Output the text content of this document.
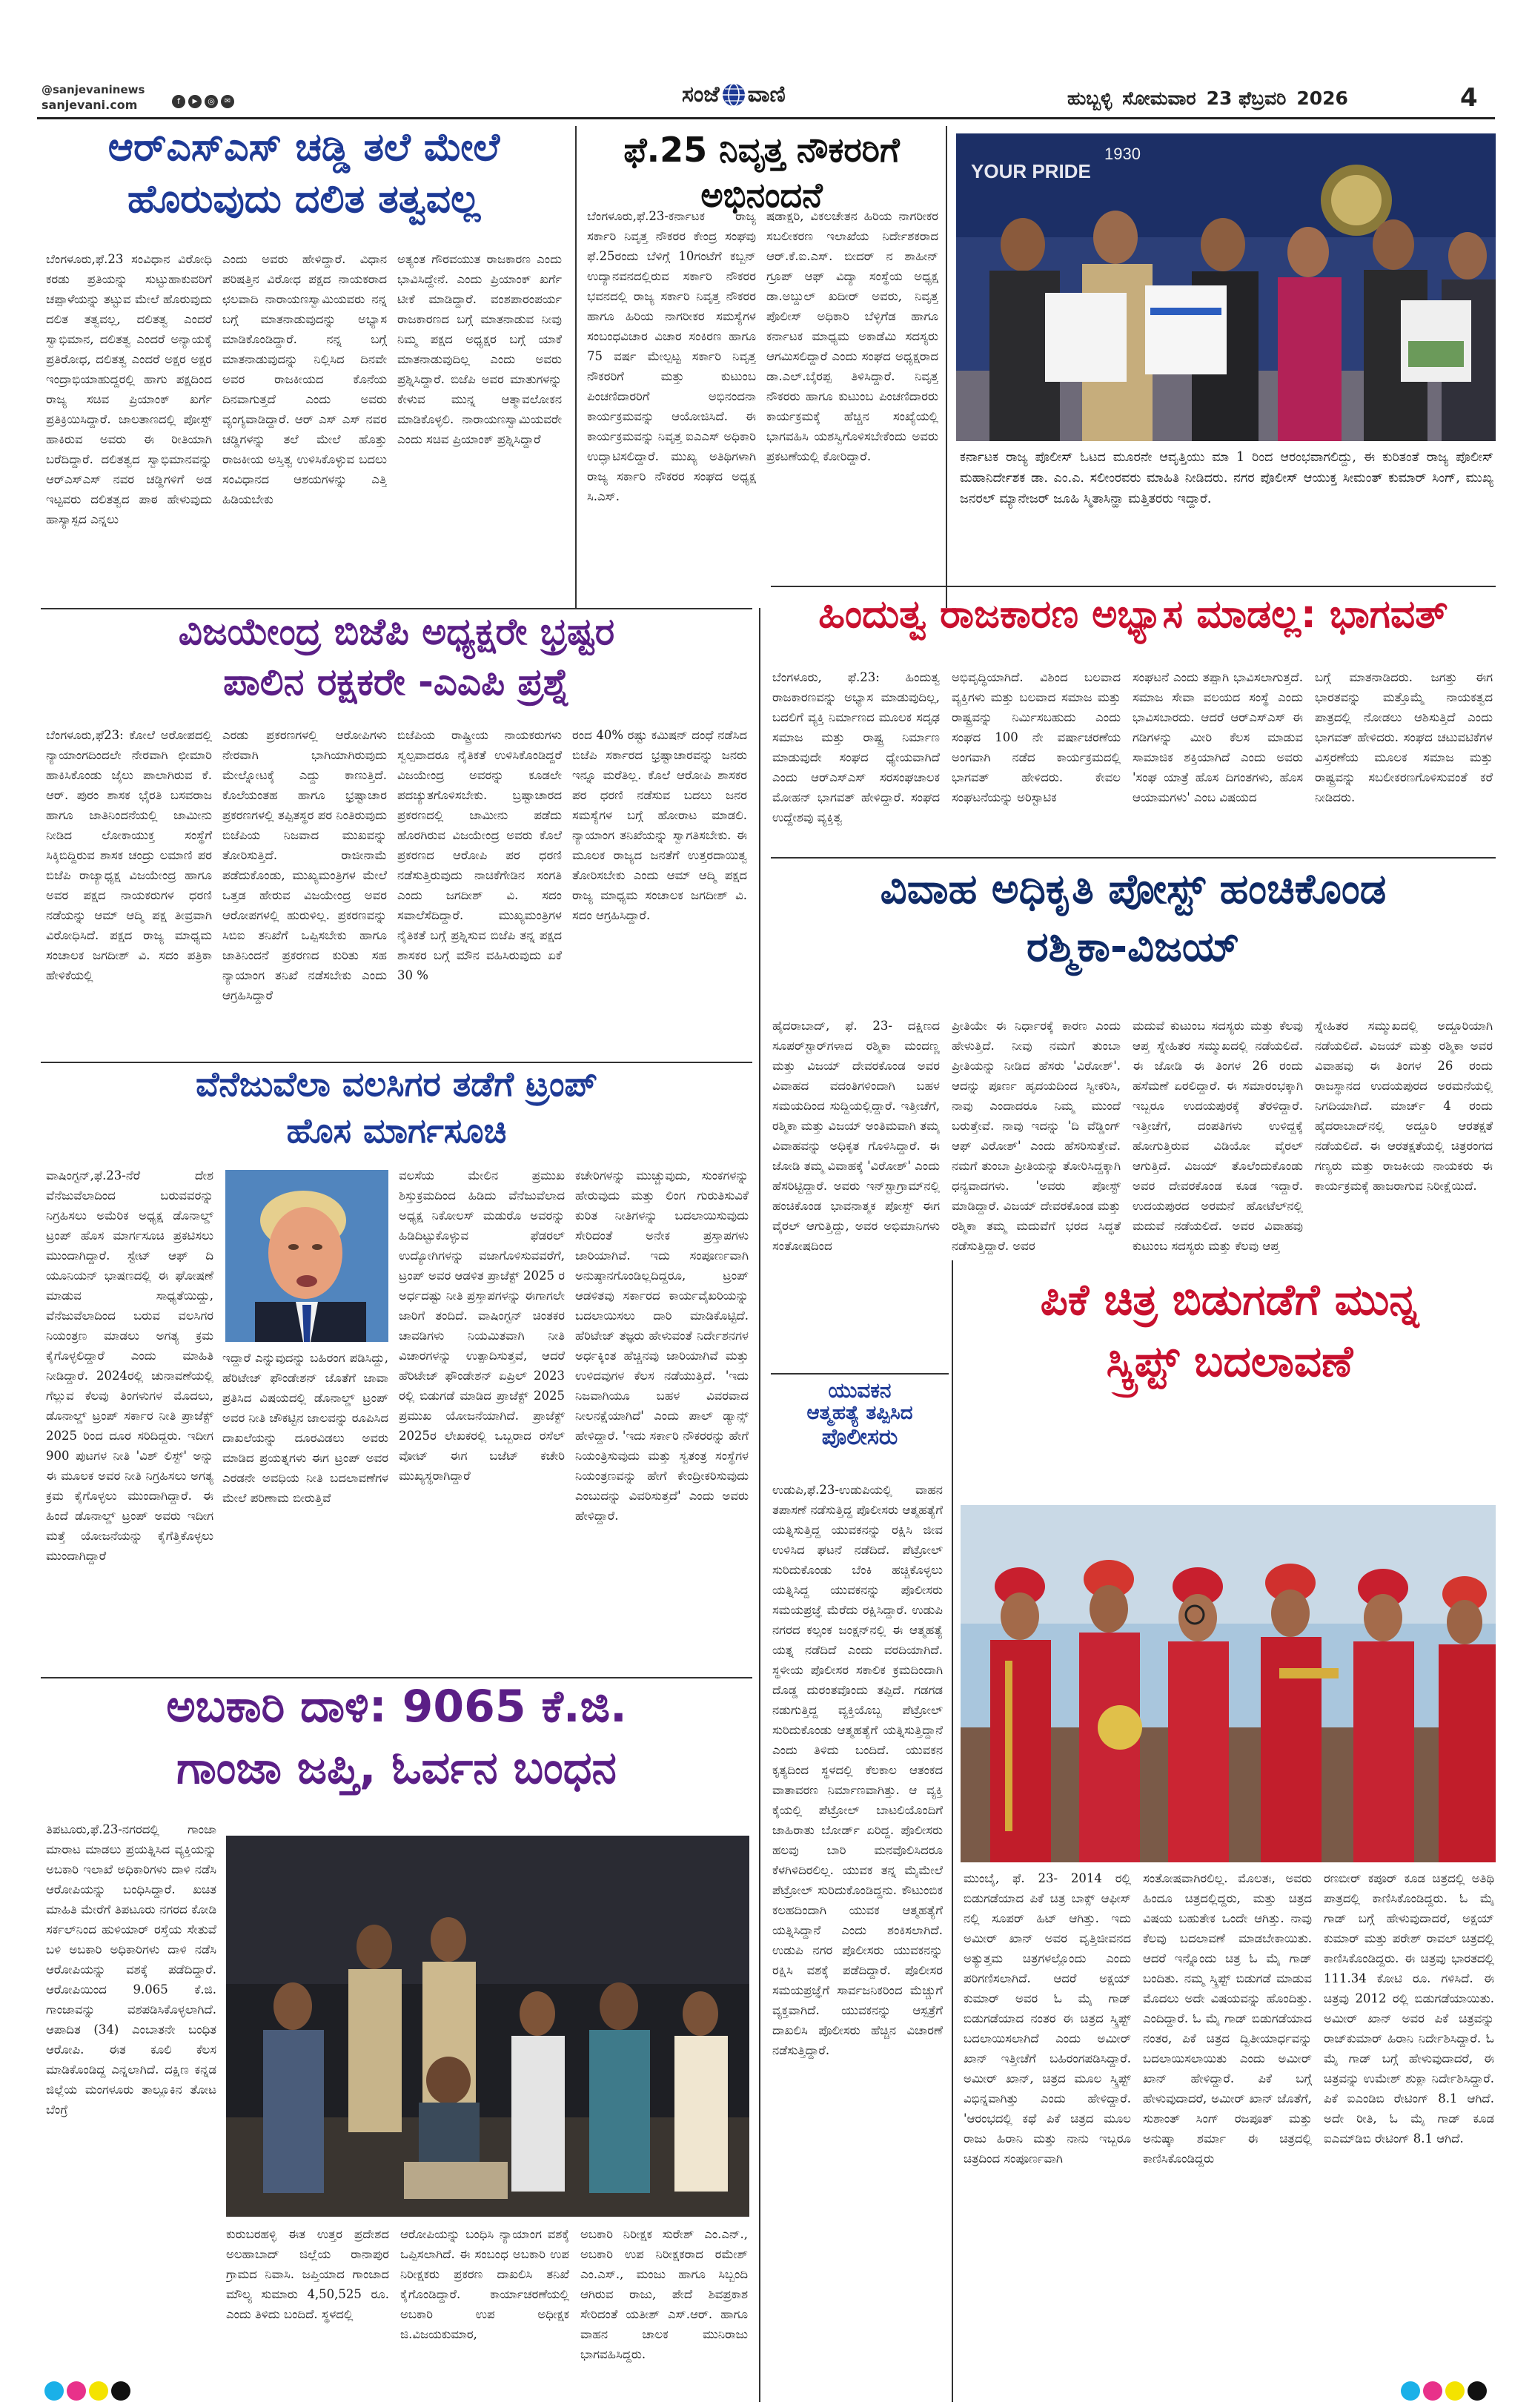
@sanjevaninews
sanjevani.com	f	▶	◎	✉	ಸಂಜೆ ವಾಣಿ	ಹುಬ್ಬಳ್ಳಿ ಸೋಮವಾರ 23 ಫೆಬ್ರವರಿ 2026	4
ಆರ್‌ಎಸ್‌ಎಸ್ ಚಡ್ಡಿ ತಲೆ ಮೇಲೆ
ಹೊರುವುದು ದಲಿತ ತತ್ವವಲ್ಲ

ಬೆಂಗಳೂರು,ಫೆ.23 ಸಂವಿಧಾನ ವಿರೋಧಿ ಕರಡು ಪ್ರತಿಯನ್ನು ಸುಟ್ಟುಹಾಕುವರಿಗೆ ಚಪ್ಪಾಳೆಯನ್ನು ತಟ್ಟುವ ಮೇಲೆ ಹೊರುವುದು ದಲಿತ ತತ್ವವಲ್ಲ, ದಲಿತತ್ವ ಎಂದರೆ ಸ್ವಾಭಿಮಾನ, ದಲಿತತ್ವ ಎಂದರೆ ಅನ್ಯಾಯಕ್ಕೆ ಪ್ರತಿರೋಧ, ದಲಿತತ್ವ ಎಂದರೆ ಅಕ್ಷರ ಅಕ್ಷರ ಇಂದ್ರಾಭಿಯಾಹುದ್ದರಲ್ಲಿ ಹಾಗು ಪಕ್ಷದಿಂದ ರಾಜ್ಯ ಸಚಿವ ಪ್ರಿಯಾಂಕ್ ಖರ್ಗೆ ಪ್ರತಿಕ್ರಿಯಿಸಿದ್ದಾರೆ. ಜಾಲತಾಣದಲ್ಲಿ ಪೋಸ್ಟ್ ಹಾಕಿರುವ ಅವರು ಈ ರೀತಿಯಾಗಿ ಬರೆದಿದ್ದಾರೆ. ದಲಿತತ್ವದ ಸ್ವಾಭಿಮಾನವನ್ನು ಆರ್‌ಎಸ್‌ಎಸ್ ನವರ ಚಡ್ಡಿಗಳಿಗೆ ಅಡ ಇಟ್ಟವರು ದಲಿತತ್ವದ ಪಾಠ ಹೇಳುವುದು ಹಾಸ್ಯಾಸ್ಪದ ಎನ್ನಲು

ಎಂದು ಅವರು ಹೇಳಿದ್ದಾರೆ. ವಿಧಾನ ಪರಿಷತ್ತಿನ ವಿರೋಧ ಪಕ್ಷದ ನಾಯಕರಾದ ಛಲವಾದಿ ನಾರಾಯಣಸ್ವಾಮಿಯವರು ನನ್ನ ಬಗ್ಗೆ ಮಾತನಾಡುವುದನ್ನು ಅಭ್ಯಾಸ ಮಾಡಿಕೊಂಡಿದ್ದಾರೆ. ನನ್ನ ಬಗ್ಗೆ ಮಾತನಾಡುವುದನ್ನು ನಿಲ್ಲಿಸಿದ ದಿನವೇ ಅವರ ರಾಜಕೀಯದ ಕೊನೆಯ ದಿನವಾಗುತ್ತದೆ ಎಂದು ಅವರು ವ್ಯಂಗ್ಯವಾಡಿದ್ದಾರೆ. ಆರ್ ಎಸ್ ಎಸ್ ನವರ ಚಡ್ಡಿಗಳನ್ನು ತಲೆ ಮೇಲೆ ಹೊತ್ತು ರಾಜಕೀಯ ಅಸ್ತಿತ್ವ ಉಳಿಸಿಕೊಳ್ಳುವ ಬದಲು ಸಂವಿಧಾನದ ಆಶಯಗಳನ್ನು ಎತ್ತಿ ಹಿಡಿಯಬೇಕು

ಅತ್ಯಂತ ಗೌರವಯುತ ರಾಜಕಾರಣ ಎಂದು ಭಾವಿಸಿದ್ದೇನೆ. ಎಂದು ಪ್ರಿಯಾಂಕ್ ಖರ್ಗೆ ಟೀಕೆ ಮಾಡಿದ್ದಾರೆ. ವಂಶಪಾರಂಪರ್ಯ ರಾಜಕಾರಣದ ಬಗ್ಗೆ ಮಾತನಾಡುವ ನೀವು ನಿಮ್ಮ ಪಕ್ಷದ ಅಧ್ಯಕ್ಷರ ಬಗ್ಗೆ ಯಾಕೆ ಮಾತನಾಡುವುದಿಲ್ಲ ಎಂದು ಅವರು ಪ್ರಶ್ನಿಸಿದ್ದಾರೆ. ಬಿಜೆಪಿ ಅವರ ಮಾತುಗಳನ್ನು ಕೇಳುವ ಮುನ್ನ ಆತ್ಮಾವಲೋಕನ ಮಾಡಿಕೊಳ್ಳಲಿ. ನಾರಾಯಣಸ್ವಾಮಿಯವರೇ ಎಂದು ಸಚಿವ ಪ್ರಿಯಾಂಕ್ ಪ್ರಶ್ನಿಸಿದ್ದಾರೆ

ಫೆ.25 ನಿವೃತ್ತ ನೌಕರರಿಗೆ
ಅಭಿನಂದನೆ

ಬೆಂಗಳೂರು,ಫೆ.23-ಕರ್ನಾಟಕ ರಾಜ್ಯ ಸರ್ಕಾರಿ ನಿವೃತ್ತ ನೌಕರರ ಕೇಂದ್ರ ಸಂಘವು ಫೆ.25ರಂದು ಬೆಳಿಗ್ಗೆ 10ಗಂಟೆಗೆ ಕಬ್ಬನ್ ಉದ್ಯಾನವನದಲ್ಲಿರುವ ಸರ್ಕಾರಿ ನೌಕರರ ಭವನದಲ್ಲಿ ರಾಜ್ಯ ಸರ್ಕಾರಿ ನಿವೃತ್ತ ನೌಕರರ ಹಾಗೂ ಹಿರಿಯ ನಾಗರೀಕರ ಸಮಸ್ಯೆಗಳ ಸಂಬಂಧವಿಚಾರ ವಿಚಾರ ಸಂಕಿರಣ ಹಾಗೂ 75 ವರ್ಷ ಮೇಲ್ಪಟ್ಟ ಸರ್ಕಾರಿ ನಿವೃತ್ತ ನೌಕರರಿಗೆ ಮತ್ತು ಕುಟುಂಬ ಪಿಂಚಣಿದಾರರಿಗೆ ಅಭಿನಂದನಾ ಕಾರ್ಯಕ್ರಮವನ್ನು ಆಯೋಜಿಸಿದೆ. ಈ ಕಾರ್ಯಕ್ರಮವನ್ನು ನಿವೃತ್ತ ಐಎಎಸ್ ಅಧಿಕಾರಿ ಉದ್ಘಾಟಿಸಲಿದ್ದಾರೆ. ಮುಖ್ಯ ಅತಿಥಿಗಳಾಗಿ ರಾಜ್ಯ ಸರ್ಕಾರಿ ನೌಕರರ ಸಂಘದ ಅಧ್ಯಕ್ಷ ಸಿ.ಎಸ್.

ಷಡಾಕ್ಷರಿ, ವಿಕಲಚೇತನ ಹಿರಿಯ ನಾಗರೀಕರ ಸಬಲೀಕರಣ ಇಲಾಖೆಯ ನಿರ್ದೇಶಕರಾದ ಆರ್.ಕೆ.ಐ.ಎಸ್. ಬೀದರ್ ನ ಶಾಹೀನ್ ಗ್ರೂಪ್ ಆಫ್ ವಿದ್ಯಾ ಸಂಸ್ಥೆಯ ಅಧ್ಯಕ್ಷ ಡಾ.ಅಬ್ದುಲ್ ಖದೀರ್ ಅವರು, ನಿವೃತ್ತ ಪೊಲೀಸ್ ಅಧಿಕಾರಿ ಬೆಳ್ಳಿಗೆಡ ಹಾಗೂ ಕರ್ನಾಟಕ ಮಾಧ್ಯಮ ಅಕಾಡೆಮಿ ಸದಸ್ಯರು ಆಗಮಿಸಲಿದ್ದಾರೆ ಎಂದು ಸಂಘದ ಅಧ್ಯಕ್ಷರಾದ ಡಾ.ಎಲ್.ಬೈರಪ್ಪ ತಿಳಿಸಿದ್ದಾರೆ. ನಿವೃತ್ತ ನೌಕರರು ಹಾಗೂ ಕುಟುಂಬ ಪಿಂಚಣಿದಾರರು ಕಾರ್ಯಕ್ರಮಕ್ಕೆ ಹೆಚ್ಚಿನ ಸಂಖ್ಯೆಯಲ್ಲಿ ಭಾಗವಹಿಸಿ ಯಶಸ್ವಿಗೊಳಿಸಬೇಕೆಂದು ಅವರು ಪ್ರಕಟಣೆಯಲ್ಲಿ ಕೋರಿದ್ದಾರೆ.

YOUR PRIDE
1930

ಕರ್ನಾಟಕ ರಾಜ್ಯ ಪೊಲೀಸ್ ಓಟದ ಮೂರನೇ ಆವೃತ್ತಿಯು ಮಾ 1 ರಿಂದ ಆರಂಭವಾಗಲಿದ್ದು, ಈ ಕುರಿತಂತೆ ರಾಜ್ಯ ಪೊಲೀಸ್ ಮಹಾನಿರ್ದೇಶಕ ಡಾ. ಎಂ.ಎ. ಸಲೀಂರವರು ಮಾಹಿತಿ ನೀಡಿದರು. ನಗರ ಪೊಲೀಸ್ ಆಯುಕ್ತ ಸೀಮಂತ್ ಕುಮಾರ್ ಸಿಂಗ್, ಮುಖ್ಯ ಜನರಲ್ ಮ್ಯಾನೇಜರ್ ಜೂಹಿ ಸ್ಮಿತಾಸಿನ್ಹಾ ಮತ್ತಿತರರು ಇದ್ದಾರೆ.

ವಿಜಯೇಂದ್ರ ಬಿಜೆಪಿ ಅಧ್ಯಕ್ಷರೇ ಭ್ರಷ್ಟರ
ಪಾಲಿನ ರಕ್ಷಕರೇ -ಎಎಪಿ ಪ್ರಶ್ನೆ

ಬೆಂಗಳೂರು,ಫೆ23: ಕೋಲೆ ಅರೋಪದಲ್ಲಿ ನ್ಯಾಯಾಂಗದಿಂದಲೇ ನೇರವಾಗಿ ಛೀಮಾರಿ ಹಾಕಿಸಿಕೊಂಡು ಜೈಲು ಪಾಲಾಗಿರುವ ಕೆ. ಆರ್. ಪುರಂ ಶಾಸಕ ಭೈರತಿ ಬಸವರಾಜ ಹಾಗೂ ಜಾತಿನಿಂದನೆಯಲ್ಲಿ ಜಾಮೀನು ನೀಡಿದ ಲೋಕಾಯುಕ್ತ ಸಂಸ್ಥೆಗೆ ಸಿಕ್ಕಿಬಿದ್ದಿರುವ ಶಾಸಕ ಚಂದ್ರು ಲಮಾಣಿ ಪರ ಬಿಜೆಪಿ ರಾಜ್ಯಾಧ್ಯಕ್ಷ ವಿಜಯೇಂದ್ರ ಹಾಗೂ ಅವರ ಪಕ್ಷದ ನಾಯಕರುಗಳ ಧರಣಿ ನಡೆಯನ್ನು ಆಮ್ ಆದ್ಮಿ ಪಕ್ಷ ತೀವ್ರವಾಗಿ ವಿರೋಧಿಸಿದೆ. ಪಕ್ಷದ ರಾಜ್ಯ ಮಾಧ್ಯಮ ಸಂಚಾಲಕ ಜಗದೀಶ್ ವಿ. ಸದಂ ಪತ್ರಿಕಾ ಹೇಳಿಕೆಯಲ್ಲಿ

ಎರಡು ಪ್ರಕರಣಗಳಲ್ಲಿ ಆರೋಪಿಗಳು ನೇರವಾಗಿ ಭಾಗಿಯಾಗಿರುವುದು ಮೇಲ್ನೋಟಕ್ಕೆ ಎದ್ದು ಕಾಣುತ್ತಿದೆ. ಕೊಲೆಯಂತಹ ಹಾಗೂ ಭ್ರಷ್ಟಾಚಾರ ಪ್ರಕರಣಗಳಲ್ಲಿ ತಪ್ಪಿತಸ್ಥರ ಪರ ನಿಂತಿರುವುದು ಬಿಜೆಪಿಯ ನಿಜವಾದ ಮುಖವನ್ನು ತೋರಿಸುತ್ತಿದೆ. ರಾಜೀನಾಮೆ ಪಡೆದುಕೊಂಡು, ಮುಖ್ಯಮಂತ್ರಿಗಳ ಮೇಲೆ ಒತ್ತಡ ಹೇರುವ ವಿಜಯೇಂದ್ರ ಅವರ ಆರೋಪಗಳಲ್ಲಿ ಹುರುಳಿಲ್ಲ. ಪ್ರಕರಣವನ್ನು ಸಿಬಿಐ ತನಿಖೆಗೆ ಒಪ್ಪಿಸಬೇಕು ಹಾಗೂ ಜಾತಿನಿಂದನೆ ಪ್ರಕರಣದ ಕುರಿತು ಸಹ ನ್ಯಾಯಾಂಗ ತನಿಖೆ ನಡೆಸಬೇಕು ಎಂದು ಆಗ್ರಹಿಸಿದ್ದಾರೆ

ಬಿಜೆಪಿಯ ರಾಷ್ಟ್ರೀಯ ನಾಯಕರುಗಳು ಸ್ವಲ್ಪವಾದರೂ ನೈತಿಕತೆ ಉಳಿಸಿಕೊಂಡಿದ್ದರೆ ವಿಜಯೇಂದ್ರ ಅವರನ್ನು ಕೂಡಲೇ ಪದಚ್ಯುತಗೊಳಿಸಬೇಕು. ಬ್ರಷ್ಟಾಚಾರದ ಪ್ರಕರಣದಲ್ಲಿ ಜಾಮೀನು ಪಡೆದು ಹೊರಗಿರುವ ವಿಜಯೇಂದ್ರ ಅವರು ಕೊಲೆ ಪ್ರಕರಣದ ಆರೋಪಿ ಪರ ಧರಣಿ ನಡೆಸುತ್ತಿರುವುದು ನಾಚಿಕೆಗೇಡಿನ ಸಂಗತಿ ಎಂದು ಜಗದೀಶ್ ವಿ. ಸದಂ ಸವಾಲೆಸೆದಿದ್ದಾರೆ. ಮುಖ್ಯಮಂತ್ರಿಗಳ ನೈತಿಕತೆ ಬಗ್ಗೆ ಪ್ರಶ್ನಿಸುವ ಬಿಜೆಪಿ ತನ್ನ ಪಕ್ಷದ ಶಾಸಕರ ಬಗ್ಗೆ ಮೌನ ವಹಿಸಿರುವುದು ಏಕೆ 30 %

ರಂದ 40% ರಷ್ಟು ಕಮಿಷನ್ ದಂಧೆ ನಡೆಸಿದ ಬಿಜೆಪಿ ಸರ್ಕಾರದ ಭ್ರಷ್ಟಾಚಾರವನ್ನು ಜನರು ಇನ್ನೂ ಮರೆತಿಲ್ಲ. ಕೊಲೆ ಆರೋಪಿ ಶಾಸಕರ ಪರ ಧರಣಿ ನಡೆಸುವ ಬದಲು ಜನರ ಸಮಸ್ಯೆಗಳ ಬಗ್ಗೆ ಹೋರಾಟ ಮಾಡಲಿ. ನ್ಯಾಯಾಂಗ ತನಿಖೆಯನ್ನು ಸ್ವಾಗತಿಸಬೇಕು. ಈ ಮೂಲಕ ರಾಜ್ಯದ ಜನತೆಗೆ ಉತ್ತರದಾಯಿತ್ವ ತೋರಿಸಬೇಕು ಎಂದು ಆಮ್ ಆದ್ಮಿ ಪಕ್ಷದ ರಾಜ್ಯ ಮಾಧ್ಯಮ ಸಂಚಾಲಕ ಜಗದೀಶ್ ವಿ. ಸದಂ ಆಗ್ರಹಿಸಿದ್ದಾರೆ.

ಹಿಂದುತ್ವ ರಾಜಕಾರಣ ಅಭ್ಯಾಸ ಮಾಡಲ್ಲ: ಭಾಗವತ್

ಬೆಂಗಳೂರು, ಫೆ.23: ಹಿಂದುತ್ವ ರಾಜಕಾರಣವನ್ನು ಅಭ್ಯಾಸ ಮಾಡುವುದಿಲ್ಲ, ಬದಲಿಗೆ ವ್ಯಕ್ತಿ ನಿರ್ಮಾಣದ ಮೂಲಕ ಸದೃಢ ಸಮಾಜ ಮತ್ತು ರಾಷ್ಟ್ರ ನಿರ್ಮಾಣ ಮಾಡುವುದೇ ಸಂಘದ ಧ್ಯೇಯವಾಗಿದೆ ಎಂದು ಆರ್‌ಎಸ್‌ಎಸ್ ಸರಸಂಘಚಾಲಕ ಮೋಹನ್ ಭಾಗವತ್ ಹೇಳಿದ್ದಾರೆ. ಸಂಘದ ಉದ್ದೇಶವು ವ್ಯಕ್ತಿತ್ವ

ಅಭಿವೃದ್ಧಿಯಾಗಿದೆ. ವಿಶಿಂದ ಬಲವಾದ ವ್ಯಕ್ತಿಗಳು ಮತ್ತು ಬಲವಾದ ಸಮಾಜ ಮತ್ತು ರಾಷ್ಟ್ರವನ್ನು ನಿರ್ಮಿಸಬಹುದು ಎಂದು ಸಂಘದ 100 ನೇ ವರ್ಷಾಚರಣೆಯ ಅಂಗವಾಗಿ ನಡೆದ ಕಾರ್ಯಕ್ರಮದಲ್ಲಿ ಭಾಗವತ್ ಹೇಳಿದರು. ಕೇವಲ ಸಂಘಟನೆಯನ್ನು ಅರಿಸ್ಟಾಟಿಕ

ಸಂಘಟನೆ ಎಂದು ತಪ್ಪಾಗಿ ಭಾವಿಸಲಾಗುತ್ತದೆ. ಸಮಾಜ ಸೇವಾ ವಲಯದ ಸಂಸ್ಥೆ ಎಂದು ಭಾವಿಸಬಾರದು. ಆದರೆ ಆರ್‌ಎಸ್‌ಎಸ್ ಈ ಗಡಿಗಳನ್ನು ಮೀರಿ ಕೆಲಸ ಮಾಡುವ ಸಾಮಾಜಿಕ ಶಕ್ತಿಯಾಗಿದೆ ಎಂದು ಅವರು 'ಸಂಘ ಯಾತ್ರೆ ಹೊಸ ದಿಗಂತಗಳು, ಹೊಸ ಆಯಾಮಗಳು' ಎಂಬ ವಿಷಯದ

ಬಗ್ಗೆ ಮಾತನಾಡಿದರು. ಜಗತ್ತು ಈಗ ಭಾರತವನ್ನು ಮತ್ತೊಮ್ಮೆ ನಾಯಕತ್ವದ ಪಾತ್ರದಲ್ಲಿ ನೋಡಲು ಆಶಿಸುತ್ತಿದೆ ಎಂದು ಭಾಗವತ್ ಹೇಳಿದರು. ಸಂಘದ ಚಟುವಟಿಕೆಗಳ ವಿಸ್ತರಣೆಯ ಮೂಲಕ ಸಮಾಜ ಮತ್ತು ರಾಷ್ಟ್ರವನ್ನು ಸಬಲೀಕರಣಗೊಳಿಸುವಂತೆ ಕರೆ ನೀಡಿದರು.

ವಿವಾಹ ಅಧಿಕೃತಿ ಪೋಸ್ಟ್ ಹಂಚಿಕೊಂಡ
ರಶ್ಮಿಕಾ-ವಿಜಯ್

ಹೈದರಾಬಾದ್, ಫೆ. 23- ದಕ್ಷಿಣದ ಸೂಪರ್‌ಸ್ಟಾರ್‌ಗಳಾದ ರಶ್ಮಿಕಾ ಮಂದಣ್ಣ ಮತ್ತು ವಿಜಯ್ ದೇವರಕೊಂಡ ಅವರ ವಿವಾಹದ ವದಂತಿಗಳಿಂದಾಗಿ ಬಹಳ ಸಮಯದಿಂದ ಸುದ್ದಿಯಲ್ಲಿದ್ದಾರೆ. ಇತ್ತೀಚೆಗೆ, ರಶ್ಮಿಕಾ ಮತ್ತು ವಿಜಯ್ ಅಂತಿಮವಾಗಿ ತಮ್ಮ ವಿವಾಹವನ್ನು ಅಧಿಕೃತ ಗೊಳಿಸಿದ್ದಾರೆ. ಈ ಜೋಡಿ ತಮ್ಮ ವಿವಾಹಕ್ಕೆ 'ವಿರೋಶ್' ಎಂದು ಹೆಸರಿಟ್ಟಿದ್ದಾರೆ. ಅವರು ಇನ್‌ಸ್ಟಾಗ್ರಾಮ್‌ನಲ್ಲಿ ಹಂಚಿಕೊಂಡ ಭಾವನಾತ್ಮಕ ಪೋಸ್ಟ್ ಈಗ ವೈರಲ್ ಆಗುತ್ತಿದ್ದು, ಅವರ ಅಭಿಮಾನಿಗಳು ಸಂತೋಷದಿಂದ

ಪ್ರೀತಿಯೇ ಈ ನಿರ್ಧಾರಕ್ಕೆ ಕಾರಣ ಎಂದು ಹೇಳುತ್ತಿದೆ. ನೀವು ನಮಗೆ ತುಂಬಾ ಪ್ರೀತಿಯನ್ನು ನೀಡಿದ ಹೆಸರು 'ವಿರೋಶ್'. ಆದನ್ನು ಪೂರ್ಣ ಹೃದಯದಿಂದ ಸ್ವೀಕರಿಸಿ, ನಾವು ಎಂದಾದರೂ ನಿಮ್ಮ ಮುಂದೆ ಬರುತ್ತೇವೆ. ನಾವು ಇದನ್ನು 'ದಿ ವೆಡ್ಡಿಂಗ್ ಆಫ್ ವಿರೋಶ್' ಎಂದು ಹೆಸರಿಸುತ್ತೇವೆ. ನಮಗೆ ತುಂಬಾ ಪ್ರೀತಿಯನ್ನು ತೋರಿಸಿದ್ದಕ್ಕಾಗಿ ಧನ್ಯವಾದಗಳು. 'ಅವರು ಪೋಸ್ಟ್ ಮಾಡಿದ್ದಾರೆ. ವಿಜಯ್ ದೇವರಕೊಂಡ ಮತ್ತು ರಶ್ಮಿಕಾ ತಮ್ಮ ಮದುವೆಗೆ ಭರದ ಸಿದ್ಧತೆ ನಡೆಸುತ್ತಿದ್ದಾರೆ. ಅವರ

ಮದುವೆ ಕುಟುಂಬ ಸದಸ್ಯರು ಮತ್ತು ಕೆಲವು ಆಪ್ತ ಸ್ನೇಹಿತರ ಸಮ್ಮುಖದಲ್ಲಿ ನಡೆಯಲಿದೆ. ಈ ಜೋಡಿ ಈ ತಿಂಗಳ 26 ರಂದು ಹಸೆಮಣೆ ಏರಲಿದ್ದಾರೆ. ಈ ಸಮಾರಂಭಕ್ಕಾಗಿ ಇಬ್ಬರೂ ಉದಯಪುರಕ್ಕೆ ತೆರಳಿದ್ದಾರೆ. ಇತ್ತೀಚೆಗೆ, ದಂಪತಿಗಳು ಉಳಿದ್ದಕ್ಕೆ ಹೋಗುತ್ತಿರುವ ವಿಡಿಯೋ ವೈರಲ್ ಆಗುತ್ತಿದೆ. ವಿಜಯ್ ತೊಲೆಂದುಕೊಂಡು ಅವರ ದೇವರಕೊಂಡ ಕೂಡ ಇದ್ದಾರೆ. ಉದಯಪುರದ ಅರಮನೆ ಹೋಟೆಲ್‌ನಲ್ಲಿ ಮದುವೆ ನಡೆಯಲಿದೆ. ಅವರ ವಿವಾಹವು ಕುಟುಂಬ ಸದಸ್ಯರು ಮತ್ತು ಕೆಲವು ಆಪ್ತ

ಸ್ನೇಹಿತರ ಸಮ್ಮುಖದಲ್ಲಿ ಅದ್ದೂರಿಯಾಗಿ ನಡೆಯಲಿದೆ. ವಿಜಯ್ ಮತ್ತು ರಶ್ಮಿಕಾ ಅವರ ವಿವಾಹವು ಈ ತಿಂಗಳ 26 ರಂದು ರಾಜಸ್ಥಾನದ ಉದಯಪುರದ ಅರಮನೆಯಲ್ಲಿ ನಿಗದಿಯಾಗಿದೆ. ಮಾರ್ಚ್ 4 ರಂದು ಹೈದರಾಬಾದ್‌ನಲ್ಲಿ ಅದ್ದೂರಿ ಆರತಕ್ಷತೆ ನಡೆಯಲಿದೆ. ಈ ಆರತಕ್ಷತೆಯಲ್ಲಿ ಚಿತ್ರರಂಗದ ಗಣ್ಯರು ಮತ್ತು ರಾಜಕೀಯ ನಾಯಕರು ಈ ಕಾರ್ಯಕ್ರಮಕ್ಕೆ ಹಾಜರಾಗುವ ನಿರೀಕ್ಷೆಯಿದೆ.

ವೆನೆಜುವೆಲಾ ವಲಸಿಗರ ತಡೆಗೆ ಟ್ರಂಪ್
ಹೊಸ ಮಾರ್ಗಸೂಚಿ

ವಾಷಿಂಗ್ಟನ್,ಫೆ.23-ನೆರೆ ದೇಶ ವೆನೆಜುವೆಲಾದಿಂದ ಬರುವವರನ್ನು ನಿಗ್ರಹಿಸಲು ಅಮೆರಿಕ ಅಧ್ಯಕ್ಷ ಡೊನಾಲ್ಡ್ ಟ್ರಂಪ್ ಹೊಸ ಮಾರ್ಗಸೂಚಿ ಪ್ರಕಟಿಸಲು ಮುಂದಾಗಿದ್ದಾರೆ. ಸ್ಟೇಟ್ ಆಫ್ ದಿ ಯೂನಿಯನ್ ಭಾಷಣದಲ್ಲಿ ಈ ಘೋಷಣೆ ಮಾಡುವ ಸಾಧ್ಯತೆಯಿದ್ದು, ವೆನೆಜುವೆಲಾದಿಂದ ಬರುವ ವಲಸಿಗರ ನಿಯಂತ್ರಣ ಮಾಡಲು ಅಗತ್ಯ ಕ್ರಮ ಕೈಗೊಳ್ಳಲಿದ್ದಾರೆ ಎಂದು ಮಾಹಿತಿ ನೀಡಿದ್ದಾರೆ. 2024ರಲ್ಲಿ ಚುನಾವಣೆಯಲ್ಲಿ ಗೆಲ್ಲುವ ಕೆಲವು ತಿಂಗಳುಗಳ ಮೊದಲು, ಡೊನಾಲ್ಡ್ ಟ್ರಂಪ್ ಸರ್ಕಾರ ನೀತಿ ಪ್ರಾಜೆಕ್ಟ್ 2025 ರಿಂದ ದೂರ ಸರಿದಿದ್ದರು. ಇದೀಗ 900 ಪುಟಗಳ ನೀತಿ 'ವಿಶ್ ಲಿಸ್ಟ್' ಅನ್ನು ಈ ಮೂಲಕ ಅವರ ನೀತಿ ನಿಗ್ರಹಿಸಲು ಅಗತ್ಯ ಕ್ರಮ ಕೈಗೊಳ್ಳಲು ಮುಂದಾಗಿದ್ದಾರೆ. ಈ ಹಿಂದೆ ಡೊನಾಲ್ಡ್ ಟ್ರಂಪ್ ಅವರು ಇದೀಗ ಮತ್ತೆ ಯೋಜನೆಯನ್ನು ಕೈಗೆತ್ತಿಕೊಳ್ಳಲು ಮುಂದಾಗಿದ್ದಾರೆ

ಇದ್ದಾರೆ ಎನ್ನುವುದನ್ನು ಬಹಿರಂಗ ಪಡಿಸಿದ್ದು, ಹೆರಿಟೇಜ್ ಫೌಂಡೇಶನ್ ಜೊತೆಗೆ ಜಾವಾ ಪ್ರತಿಸಿದ ವಿಷಯದಲ್ಲಿ ಡೊನಾಲ್ಡ್ ಟ್ರಂಪ್ ಅವರ ನೀತಿ ಚೌಕಟ್ಟಿನ ಜಾಲವನ್ನು ರೂಪಿಸಿದ ದಾಖಲೆಯನ್ನು ದೂರವಿಡಲು ಅವರು ಮಾಡಿದ ಪ್ರಯತ್ನಗಳು ಈಗ ಟ್ರಂಪ್ ಅವರ ಎರಡನೇ ಅವಧಿಯ ನೀತಿ ಬದಲಾವಣೆಗಳ ಮೇಲೆ ಪರಿಣಾಮ ಬೀರುತ್ತಿವೆ

ವಲಸೆಯ ಮೇಲಿನ ಪ್ರಮುಖ ಶಿಸ್ತುಕ್ರಮದಿಂದ ಹಿಡಿದು ವೆನೆಜುವೆಲಾದ ಅಧ್ಯಕ್ಷ ನಿಕೋಲಸ್ ಮಡುರೊ ಅವರನ್ನು ಹಿಡಿದಿಟ್ಟುಕೊಳ್ಳುವ ಫೆಡರಲ್ ಉದ್ಯೋಗಿಗಳನ್ನು ವಜಾಗೊಳಿಸುವವರೆಗೆ, ಟ್ರಂಪ್ ಅವರ ಆಡಳಿತ ಪ್ರಾಜೆಕ್ಟ್ 2025 ರ ಅರ್ಧದಷ್ಟು ನೀತಿ ಪ್ರಸ್ತಾಪಗಳನ್ನು ಈಗಾಗಲೇ ಜಾರಿಗೆ ತಂದಿದೆ. ವಾಷಿಂಗ್ಟನ್ ಚಿಂತಕರ ಚಾವಡಿಗಳು ನಿಯಮಿತವಾಗಿ ನೀತಿ ವಿಚಾರಗಳನ್ನು ಉತ್ಪಾದಿಸುತ್ತವೆ, ಆದರೆ ಹೆರಿಟೇಜ್ ಫೌಂಡೇಶನ್ ಏಪ್ರಿಲ್ 2023 ರಲ್ಲಿ ಬಿಡುಗಡೆ ಮಾಡಿದ ಪ್ರಾಜೆಕ್ಟ್ 2025 ಪ್ರಮುಖ ಯೋಜನೆಯಾಗಿದೆ. ಪ್ರಾಜೆಕ್ಟ್ 2025ರ ಲೇಖಕರಲ್ಲಿ ಒಬ್ಬರಾದ ರಸೆಲ್ ವೋಟ್ ಈಗ ಬಜೆಟ್ ಕಚೇರಿ ಮುಖ್ಯಸ್ಥರಾಗಿದ್ದಾರೆ

ಕಚೇರಿಗಳನ್ನು ಮುಚ್ಚುವುದು, ಸುಂಕಗಳನ್ನು ಹೇರುವುದು ಮತ್ತು ಲಿಂಗ ಗುರುತಿಸುವಿಕೆ ಕುರಿತ ನೀತಿಗಳನ್ನು ಬದಲಾಯಿಸುವುದು ಸೇರಿದಂತೆ ಅನೇಕ ಪ್ರಸ್ತಾಪಗಳು ಜಾರಿಯಾಗಿವೆ. ಇದು ಸಂಪೂರ್ಣವಾಗಿ ಅನುಷ್ಠಾನಗೊಂಡಿಲ್ಲದಿದ್ದರೂ, ಟ್ರಂಪ್ ಆಡಳಿತವು ಸರ್ಕಾರದ ಕಾರ್ಯವೈಖರಿಯನ್ನು ಬದಲಾಯಿಸಲು ದಾರಿ ಮಾಡಿಕೊಟ್ಟಿದೆ. ಹೆರಿಟೇಜ್ ತಜ್ಞರು ಹೇಳುವಂತೆ ನಿರ್ದೇಶನಗಳ ಅರ್ಧಕ್ಕಿಂತ ಹೆಚ್ಚಿನವು ಜಾರಿಯಾಗಿವೆ ಮತ್ತು ಉಳಿದವುಗಳ ಕೆಲಸ ನಡೆಯುತ್ತಿದೆ. 'ಇದು ನಿಜವಾಗಿಯೂ ಬಹಳ ವಿವರವಾದ ನೀಲನಕ್ಷೆಯಾಗಿದೆ' ಎಂದು ಪಾಲ್ ಡ್ಯಾನ್ಸ್ ಹೇಳಿದ್ದಾರೆ. 'ಇದು ಸರ್ಕಾರಿ ನೌಕರರನ್ನು ಹೇಗೆ ನಿಯಂತ್ರಿಸುವುದು ಮತ್ತು ಸ್ವತಂತ್ರ ಸಂಸ್ಥೆಗಳ ನಿಯಂತ್ರಣವನ್ನು ಹೇಗೆ ಕೇಂದ್ರೀಕರಿಸುವುದು ಎಂಬುದನ್ನು ವಿವರಿಸುತ್ತದೆ' ಎಂದು ಅವರು ಹೇಳಿದ್ದಾರೆ.

ಯುವಕನ
ಆತ್ಮಹತ್ಯೆ ತಪ್ಪಿಸಿದ
ಪೊಲೀಸರು

ಉಡುಪಿ,ಫೆ.23-ಉಡುಪಿಯಲ್ಲಿ ವಾಹನ ತಪಾಸಣೆ ನಡೆಸುತ್ತಿದ್ದ ಪೊಲೀಸರು ಆತ್ಮಹತ್ಯೆಗೆ ಯತ್ನಿಸುತ್ತಿದ್ದ ಯುವಕನನ್ನು ರಕ್ಷಿಸಿ ಜೀವ ಉಳಿಸಿದ ಘಟನೆ ನಡೆದಿದೆ. ಪೆಟ್ರೋಲ್ ಸುರಿದುಕೊಂಡು ಬೆಂಕಿ ಹಚ್ಚಿಕೊಳ್ಳಲು ಯತ್ನಿಸಿದ್ದ ಯುವಕನನ್ನು ಪೊಲೀಸರು ಸಮಯಪ್ರಜ್ಞೆ ಮೆರೆದು ರಕ್ಷಿಸಿದ್ದಾರೆ. ಉಡುಪಿ ನಗರದ ಕಲ್ಸಂಕ ಜಂಕ್ಷನ್‌ನಲ್ಲಿ ಈ ಆತ್ಮಹತ್ಯೆ ಯತ್ನ ನಡೆದಿದೆ ಎಂದು ವರದಿಯಾಗಿದೆ. ಸ್ಥಳೀಯ ಪೊಲೀಸರ ಸಕಾಲಿಕ ಕ್ರಮದಿಂದಾಗಿ ದೊಡ್ಡ ದುರಂತವೊಂದು ತಪ್ಪಿದೆ. ಗಡಗಡ ನಡುಗುತ್ತಿದ್ದ ವ್ಯಕ್ತಿಯೊಬ್ಬ ಪೆಟ್ರೋಲ್ ಸುರಿದುಕೊಂಡು ಆತ್ಮಹತ್ಯೆಗೆ ಯತ್ನಿಸುತ್ತಿದ್ದಾನೆ ಎಂದು ತಿಳಿದು ಬಂದಿದೆ. ಯುವಕನ ಕೃತ್ಯದಿಂದ ಸ್ಥಳದಲ್ಲಿ ಕೆಲಕಾಲ ಆತಂಕದ ವಾತಾವರಣ ನಿರ್ಮಾಣವಾಗಿತ್ತು. ಆ ವ್ಯಕ್ತಿ ಕೈಯಲ್ಲಿ ಪೆಟ್ರೋಲ್ ಬಾಟಲಿಯೊಂದಿಗೆ ಜಾಹಿರಾತು ಬೋರ್ಡ್ ಏರಿದ್ದ. ಪೊಲೀಸರು ಹಲವು ಬಾರಿ ಮನವೊಲಿಸಿದರೂ ಕೆಳಗಿಳಿದಿರಲಿಲ್ಲ. ಯುವಕ ತನ್ನ ಮೈಮೇಲೆ ಪೆಟ್ರೋಲ್ ಸುರಿದುಕೊಂಡಿದ್ದನು. ಕೌಟುಂಬಿಕ ಕಲಹದಿಂದಾಗಿ ಯುವಕ ಆತ್ಮಹತ್ಯೆಗೆ ಯತ್ನಿಸಿದ್ದಾನೆ ಎಂದು ಶಂಕಿಸಲಾಗಿದೆ. ಉಡುಪಿ ನಗರ ಪೊಲೀಸರು ಯುವಕನನ್ನು ರಕ್ಷಿಸಿ ವಶಕ್ಕೆ ಪಡೆದಿದ್ದಾರೆ. ಪೊಲೀಸರ ಸಮಯಪ್ರಜ್ಞೆಗೆ ಸಾರ್ವಜನಿಕರಿಂದ ಮೆಚ್ಚುಗೆ ವ್ಯಕ್ತವಾಗಿದೆ. ಯುವಕನನ್ನು ಆಸ್ಪತ್ರೆಗೆ ದಾಖಲಿಸಿ ಪೊಲೀಸರು ಹೆಚ್ಚಿನ ವಿಚಾರಣೆ ನಡೆಸುತ್ತಿದ್ದಾರೆ.

ಪಿಕೆ ಚಿತ್ರ ಬಿಡುಗಡೆಗೆ ಮುನ್ನ
ಸ್ಕ್ರಿಪ್ಟ್ ಬದಲಾವಣೆ

ಮುಂಬೈ, ಫೆ. 23- 2014 ರಲ್ಲಿ ಬಿಡುಗಡೆಯಾದ ಪಿಕೆ ಚಿತ್ರ ಬಾಕ್ಸ್ ಆಫೀಸ್ ನಲ್ಲಿ ಸೂಪರ್ ಹಿಟ್ ಆಗಿತ್ತು. ಇದು ಅಮೀರ್ ಖಾನ್ ಅವರ ವೃತ್ತಿಜೀವನದ ಅತ್ಯುತ್ತಮ ಚಿತ್ರಗಳಲ್ಲೊಂದು ಎಂದು ಪರಿಗಣಿಸಲಾಗಿದೆ. ಆದರೆ ಅಕ್ಷಯ್ ಕುಮಾರ್ ಅವರ ಓ ಮೈ ಗಾಡ್ ಬಿಡುಗಡೆಯಾದ ನಂತರ ಈ ಚಿತ್ರದ ಸ್ಕ್ರಿಪ್ಟ್ ಬದಲಾಯಿಸಲಾಗಿದೆ ಎಂದು ಅಮೀರ್ ಖಾನ್ ಇತ್ತೀಚೆಗೆ ಬಹಿರಂಗಪಡಿಸಿದ್ದಾರೆ. ಅಮೀರ್ ಖಾನ್, ಚಿತ್ರದ ಮೂಲ ಸ್ಕ್ರಿಪ್ಟ್ ವಿಭಿನ್ನವಾಗಿತ್ತು ಎಂದು ಹೇಳಿದ್ದಾರೆ. 'ಆರಂಭದಲ್ಲಿ ಕಥೆ ಪಿಕೆ ಚಿತ್ರದ ಮೂಲ ರಾಜು ಹಿರಾನಿ ಮತ್ತು ನಾನು ಇಬ್ಬರೂ ಚಿತ್ರದಿಂದ ಸಂಪೂರ್ಣವಾಗಿ

ಸಂತೋಷವಾಗಿರಲಿಲ್ಲ. ಮೊಲತಃ, ಅವರು ಹಿಂದೂ ಚಿತ್ರದಲ್ಲಿದ್ದರು, ಮತ್ತು ಚಿತ್ರದ ವಿಷಯ ಬಹುತೇಕ ಒಂದೇ ಆಗಿತ್ತು. ನಾವು ಕೆಲವು ಬದಲಾವಣೆ ಮಾಡಬೇಕಾಯಿತು. ಆದರೆ ಇನ್ನೊಂದು ಚಿತ್ರ ಓ ಮೈ ಗಾಡ್ ಬಂದಿತು. ನಮ್ಮ ಸ್ಕ್ರಿಪ್ಟ್ ಬಿಡುಗಡೆ ಮಾಡುವ ಮೊದಲು ಅದೇ ವಿಷಯವನ್ನು ಹೊಂದಿತ್ತು. ಎಂದಿದ್ದಾರೆ. ಓ ಮೈ ಗಾಡ್ ಬಿಡುಗಡೆಯಾದ ನಂತರ, ಪಿಕೆ ಚಿತ್ರದ ದ್ವಿತೀಯಾರ್ಧವನ್ನು ಬದಲಾಯಿಸಲಾಯಿತು ಎಂದು ಅಮೀರ್ ಖಾನ್ ಹೇಳಿದ್ದಾರೆ. ಪಿಕೆ ಬಗ್ಗೆ ಹೇಳುವುದಾದರೆ, ಅಮೀರ್ ಖಾನ್ ಜೊತೆಗೆ, ಸುಶಾಂತ್ ಸಿಂಗ್ ರಜಪೂತ್ ಮತ್ತು ಅನುಷ್ಕಾ ಶರ್ಮಾ ಈ ಚಿತ್ರದಲ್ಲಿ ಕಾಣಿಸಿಕೊಂಡಿದ್ದರು

ರಣಬೀರ್ ಕಪೂರ್ ಕೂಡ ಚಿತ್ರದಲ್ಲಿ ಅತಿಥಿ ಪಾತ್ರದಲ್ಲಿ ಕಾಣಿಸಿಕೊಂಡಿದ್ದರು. ಓ ಮೈ ಗಾಡ್ ಬಗ್ಗೆ ಹೇಳುವುದಾದರೆ, ಅಕ್ಷಯ್ ಕುಮಾರ್ ಮತ್ತು ಪರೇಶ್ ರಾವಲ್ ಚಿತ್ರದಲ್ಲಿ ಕಾಣಿಸಿಕೊಂಡಿದ್ದರು. ಈ ಚಿತ್ರವು ಭಾರತದಲ್ಲಿ 111.34 ಕೋಟಿ ರೂ. ಗಳಿಸಿದೆ. ಈ ಚಿತ್ರವು 2012 ರಲ್ಲಿ ಬಿಡುಗಡೆಯಾಯಿತು. ಅಮೀರ್ ಖಾನ್ ಅವರ ಪಿಕೆ ಚಿತ್ರವನ್ನು ರಾಜ್‌ಕುಮಾರ್ ಹಿರಾನಿ ನಿರ್ದೇಶಿಸಿದ್ದಾರೆ. ಓ ಮೈ ಗಾಡ್ ಬಗ್ಗೆ ಹೇಳುವುದಾದರೆ, ಈ ಚಿತ್ರವನ್ನು ಉಮೇಶ್ ಶುಕ್ಲಾ ನಿರ್ದೇಶಿಸಿದ್ದಾರೆ. ಪಿಕೆ ಐಎಂಡಿಬಿ ರೇಟಿಂಗ್ 8.1 ಆಗಿದೆ. ಅದೇ ರೀತಿ, ಓ ಮೈ ಗಾಡ್ ಕೂಡ ಐಎಮ್‌ಡಿಬಿ ರೇಟಿಂಗ್ 8.1 ಆಗಿದೆ.

ಅಬಕಾರಿ ದಾಳಿ: 9065 ಕೆ.ಜಿ.
ಗಾಂಜಾ ಜಪ್ತಿ, ಓರ್ವನ ಬಂಧನ

ತಿಪಟೂರು,ಫೆ.23-ನಗರದಲ್ಲಿ ಗಾಂಜಾ ಮಾರಾಟ ಮಾಡಲು ಪ್ರಯತ್ನಿಸಿದ ವ್ಯಕ್ತಿಯನ್ನು ಅಬಕಾರಿ ಇಲಾಖೆ ಅಧಿಕಾರಿಗಳು ದಾಳಿ ನಡೆಸಿ ಆರೋಪಿಯನ್ನು ಬಂಧಿಸಿದ್ದಾರೆ. ಖಚಿತ ಮಾಹಿತಿ ಮೇರೆಗೆ ತಿಪಟೂರು ನಗರದ ಕೋಡಿ ಸರ್ಕಲ್‌ನಿಂದ ಹುಳಿಯಾರ್ ರಸ್ತೆಯ ಸೇತುವೆ ಬಳಿ ಅಬಕಾರಿ ಅಧಿಕಾರಿಗಳು ದಾಳಿ ನಡೆಸಿ ಆರೋಪಿಯನ್ನು ವಶಕ್ಕೆ ಪಡೆದಿದ್ದಾರೆ. ಆರೋಪಿಯಿಂದ 9.065 ಕೆ.ಜಿ. ಗಾಂಜಾವನ್ನು ವಶಪಡಿಸಿಕೊಳ್ಳಲಾಗಿದೆ. ಆಪಾದಿತ (34) ಎಂಬಾತನೇ ಬಂಧಿತ ಆರೋಪಿ. ಈತ ಕೂಲಿ ಕೆಲಸ ಮಾಡಿಕೊಂಡಿದ್ದ ಎನ್ನಲಾಗಿದೆ. ದಕ್ಷಿಣ ಕನ್ನಡ ಜಿಲ್ಲೆಯ ಮಂಗಳೂರು ತಾಲ್ಲೂಕಿನ ತೋಟ ಬೆಂಗ್ರೆ

ಕುರುಬರಹಳ್ಳಿ ಈತ ಉತ್ತರ ಪ್ರದೇಶದ ಅಲಹಾಬಾದ್ ಜಿಲ್ಲೆಯ ರಾನಾಪುರ ಗ್ರಾಮದ ನಿವಾಸಿ. ಜಪ್ತಿಯಾದ ಗಾಂಜಾದ ಮೌಲ್ಯ ಸುಮಾರು 4,50,525 ರೂ. ಎಂದು ತಿಳಿದು ಬಂದಿದೆ. ಸ್ಥಳದಲ್ಲಿ

ಆರೋಪಿಯನ್ನು ಬಂಧಿಸಿ ನ್ಯಾಯಾಂಗ ವಶಕ್ಕೆ ಒಪ್ಪಿಸಲಾಗಿದೆ. ಈ ಸಂಬಂಧ ಅಬಕಾರಿ ಉಪ ನಿರೀಕ್ಷಕರು ಪ್ರಕರಣ ದಾಖಲಿಸಿ ತನಿಖೆ ಕೈಗೊಂಡಿದ್ದಾರೆ. ಕಾರ್ಯಾಚರಣೆಯಲ್ಲಿ ಅಬಕಾರಿ ಉಪ ಅಧೀಕ್ಷಕ ಜಿ.ವಿಜಯಕುಮಾರ,

ಅಬಕಾರಿ ನಿರೀಕ್ಷಕ ಸುರೇಶ್ ಎಂ.ಎನ್., ಅಬಕಾರಿ ಉಪ ನಿರೀಕ್ಷಕರಾದ ರಮೇಶ್ ಎಂ.ಎಸ್., ಮಂಜು ಹಾಗೂ ಸಿಬ್ಬಂದಿ ಆಗಿರುವ ರಾಜು, ಪೇದೆ ಶಿವಪ್ರಕಾಶ ಸೇರಿದಂತೆ ಯತೀಶ್ ಎಸ್.ಆರ್. ಹಾಗೂ ವಾಹನ ಚಾಲಕ ಮುನಿರಾಜು ಭಾಗವಹಿಸಿದ್ದರು.
